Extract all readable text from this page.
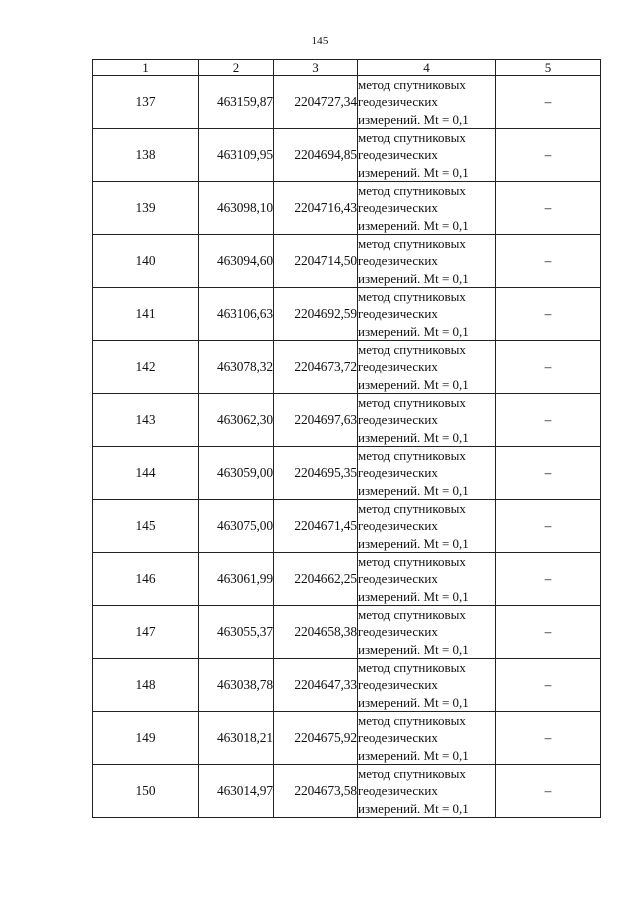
145
1	2	3	4	5
137	463159,87	2204727,34	метод спутниковых
геодезических
измерений. Mt = 0,1	–
138	463109,95	2204694,85	метод спутниковых
геодезических
измерений. Mt = 0,1	–
139	463098,10	2204716,43	метод спутниковых
геодезических
измерений. Mt = 0,1	–
140	463094,60	2204714,50	метод спутниковых
геодезических
измерений. Mt = 0,1	–
141	463106,63	2204692,59	метод спутниковых
геодезических
измерений. Mt = 0,1	–
142	463078,32	2204673,72	метод спутниковых
геодезических
измерений. Mt = 0,1	–
143	463062,30	2204697,63	метод спутниковых
геодезических
измерений. Mt = 0,1	–
144	463059,00	2204695,35	метод спутниковых
геодезических
измерений. Mt = 0,1	–
145	463075,00	2204671,45	метод спутниковых
геодезических
измерений. Mt = 0,1	–
146	463061,99	2204662,25	метод спутниковых
геодезических
измерений. Mt = 0,1	–
147	463055,37	2204658,38	метод спутниковых
геодезических
измерений. Mt = 0,1	–
148	463038,78	2204647,33	метод спутниковых
геодезических
измерений. Mt = 0,1	–
149	463018,21	2204675,92	метод спутниковых
геодезических
измерений. Mt = 0,1	–
150	463014,97	2204673,58	метод спутниковых
геодезических
измерений. Mt = 0,1	–
